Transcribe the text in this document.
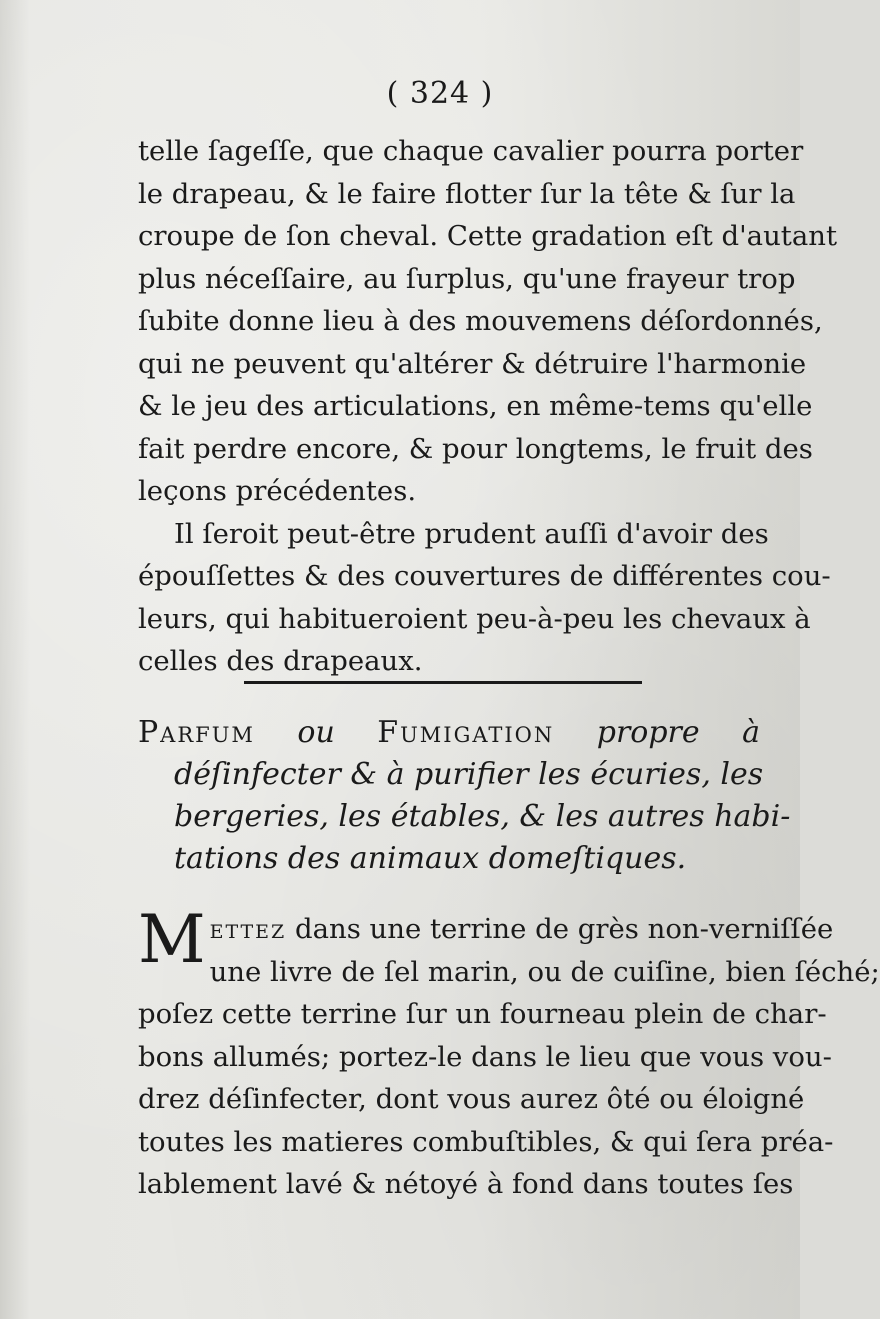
( 324 )
telle ſageſſe, que chaque cavalier pourra porter
le drapeau, & le faire flotter ſur la tête & ſur la
croupe de ſon cheval. Cette gradation eſt d'autant
plus néceſſaire, au ſurplus, qu'une frayeur trop
ſubite donne lieu à des mouvemens déſordonnés,
qui ne peuvent qu'altérer & détruire l'harmonie
& le jeu des articulations, en même-tems qu'elle
fait perdre encore, & pour longtems, le fruit des
leçons précédentes.
Il ſeroit peut-être prudent auſſi d'avoir des
épouſſettes & des couvertures de différentes cou-
leurs, qui habitueroient peu-à-peu les chevaux à
celles des drapeaux.
Parfum ou Fumigation propre à
déſinfecter & à purifier les écuries, les
bergeries, les étables, & les autres habi-
tations des animaux domeſtiques.
M ettez dans une terrine de grès non-verniſſée
une livre de ſel marin, ou de cuiſine, bien ſéché;
poſez cette terrine ſur un fourneau plein de char-
bons allumés; portez-le dans le lieu que vous vou-
drez déſinfecter, dont vous aurez ôté ou éloigné
toutes les matieres combuſtibles, & qui ſera préa-
lablement lavé & nétoyé à fond dans toutes ſes
